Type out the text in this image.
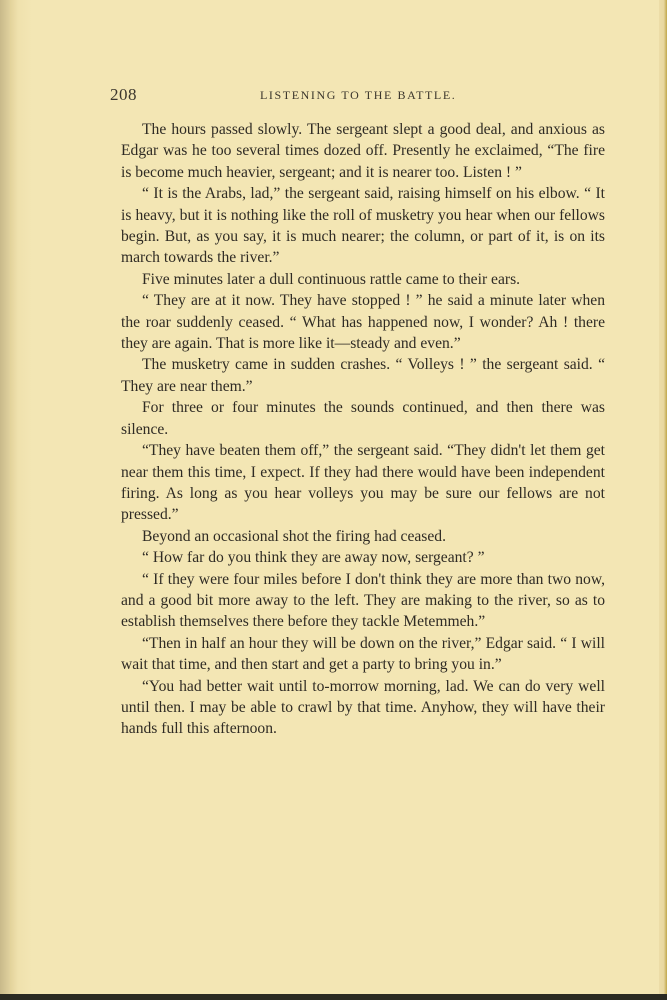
208	LISTENING TO THE BATTLE.

The hours passed slowly. The sergeant slept a good deal, and anxious as Edgar was he too several times dozed off. Presently he exclaimed, “The fire is become much heavier, sergeant; and it is nearer too. Listen ! ”

“ It is the Arabs, lad,” the sergeant said, raising himself on his elbow. “ It is heavy, but it is nothing like the roll of musketry you hear when our fellows begin. But, as you say, it is much nearer; the column, or part of it, is on its march towards the river.”

Five minutes later a dull continuous rattle came to their ears.

“ They are at it now. They have stopped ! ” he said a minute later when the roar suddenly ceased. “ What has happened now, I wonder? Ah ! there they are again. That is more like it—steady and even.”

The musketry came in sudden crashes. “ Volleys ! ” the sergeant said. “ They are near them.”

For three or four minutes the sounds continued, and then there was silence.

“They have beaten them off,” the sergeant said. “They didn't let them get near them this time, I expect. If they had there would have been independent firing. As long as you hear volleys you may be sure our fellows are not pressed.”

Beyond an occasional shot the firing had ceased.

“ How far do you think they are away now, sergeant? ”

“ If they were four miles before I don't think they are more than two now, and a good bit more away to the left. They are making to the river, so as to establish themselves there before they tackle Metemmeh.”

“Then in half an hour they will be down on the river,” Edgar said. “ I will wait that time, and then start and get a party to bring you in.”

“You had better wait until to-morrow morning, lad. We can do very well until then. I may be able to crawl by that time. Anyhow, they will have their hands full this afternoon.
